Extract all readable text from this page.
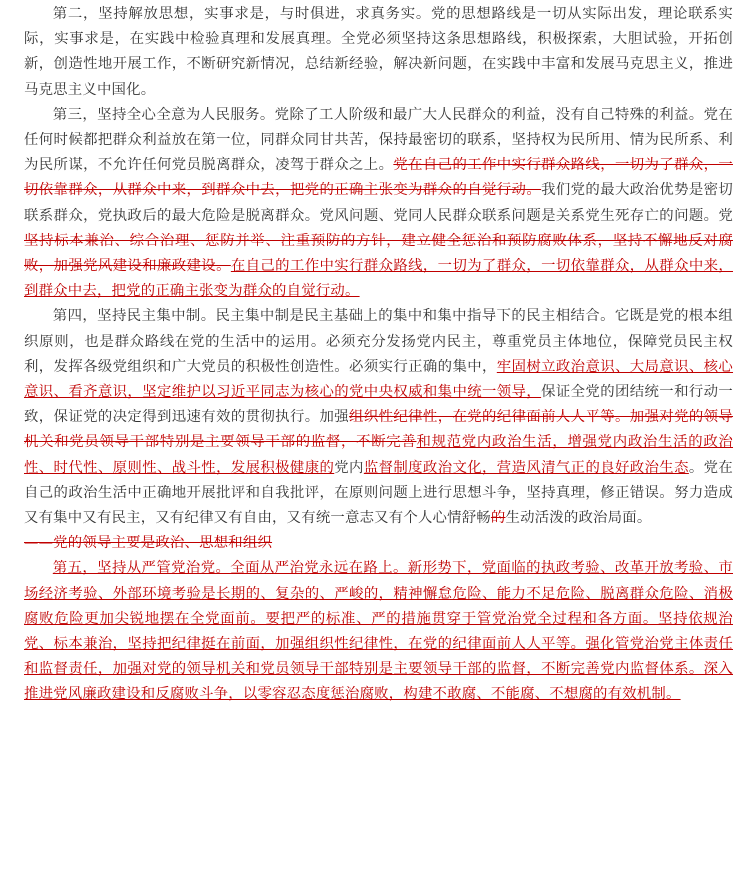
第二，坚持解放思想，实事求是，与时俱进，求真务实。党的思想路线是一切从实际出发，理论联系实际，实事求是，在实践中检验真理和发展真理。全党必须坚持这条思想路线，积极探索，大胆试验，开拓创新，创造性地开展工作，不断研究新情况，总结新经验，解决新问题，在实践中丰富和发展马克思主义，推进马克思主义中国化。

第三，坚持全心全意为人民服务。党除了工人阶级和最广大人民群众的利益，没有自己特殊的利益。党在任何时候都把群众利益放在第一位，同群众同甘共苦，保持最密切的联系，坚持权为民所用、情为民所系、利为民所谋，不允许任何党员脱离群众，凌驾于群众之上。党在自己的工作中实行群众路线，一切为了群众，一切依靠群众，从群众中来，到群众中去，把党的正确主张变为群众的自觉行动。我们党的最大政治优势是密切联系群众，党执政后的最大危险是脱离群众。党风问题、党同人民群众联系问题是关系党生死存亡的问题。党坚持标本兼治、综合治理、惩防并举、注重预防的方针，建立健全惩治和预防腐败体系，坚持不懈地反对腐败，加强党风建设和廉政建设。在自己的工作中实行群众路线，一切为了群众，一切依靠群众，从群众中来，到群众中去，把党的正确主张变为群众的自觉行动。

第四，坚持民主集中制。民主集中制是民主基础上的集中和集中指导下的民主相结合。它既是党的根本组织原则，也是群众路线在党的生活中的运用。必须充分发扬党内民主，尊重党员主体地位，保障党员民主权利，发挥各级党组织和广大党员的积极性创造性。必须实行正确的集中，牢固树立政治意识、大局意识、核心意识、看齐意识，坚定维护以习近平同志为核心的党中央权威和集中统一领导，保证全党的团结统一和行动一致，保证党的决定得到迅速有效的贯彻执行。加强组织性纪律性，在党的纪律面前人人平等。加强对党的领导机关和党员领导干部特别是主要领导干部的监督，不断完善和规范党内政治生活，增强党内政治生活的政治性、时代性、原则性、战斗性，发展积极健康的党内监督制度政治文化，营造风清气正的良好政治生态。党在自己的政治生活中正确地开展批评和自我批评，在原则问题上进行思想斗争，坚持真理，修正错误。努力造成又有集中又有民主，又有纪律又有自由，又有统一意志又有个人心情舒畅的生动活泼的政治局面。

——党的领导主要是政治、思想和组织

第五，坚持从严管党治党。全面从严治党永远在路上。新形势下，党面临的执政考验、改革开放考验、市场经济考验、外部环境考验是长期的、复杂的、严峻的，精神懈怠危险、能力不足危险、脱离群众危险、消极腐败危险更加尖锐地摆在全党面前。要把严的标准、严的措施贯穿于管党治党全过程和各方面。坚持依规治党、标本兼治，坚持把纪律挺在前面，加强组织性纪律性，在党的纪律面前人人平等。强化管党治党主体责任和监督责任，加强对党的领导机关和党员领导干部特别是主要领导干部的监督，不断完善党内监督体系。深入推进党风廉政建设和反腐败斗争，以零容忍态度惩治腐败，构建不敢腐、不能腐、不想腐的有效机制。
